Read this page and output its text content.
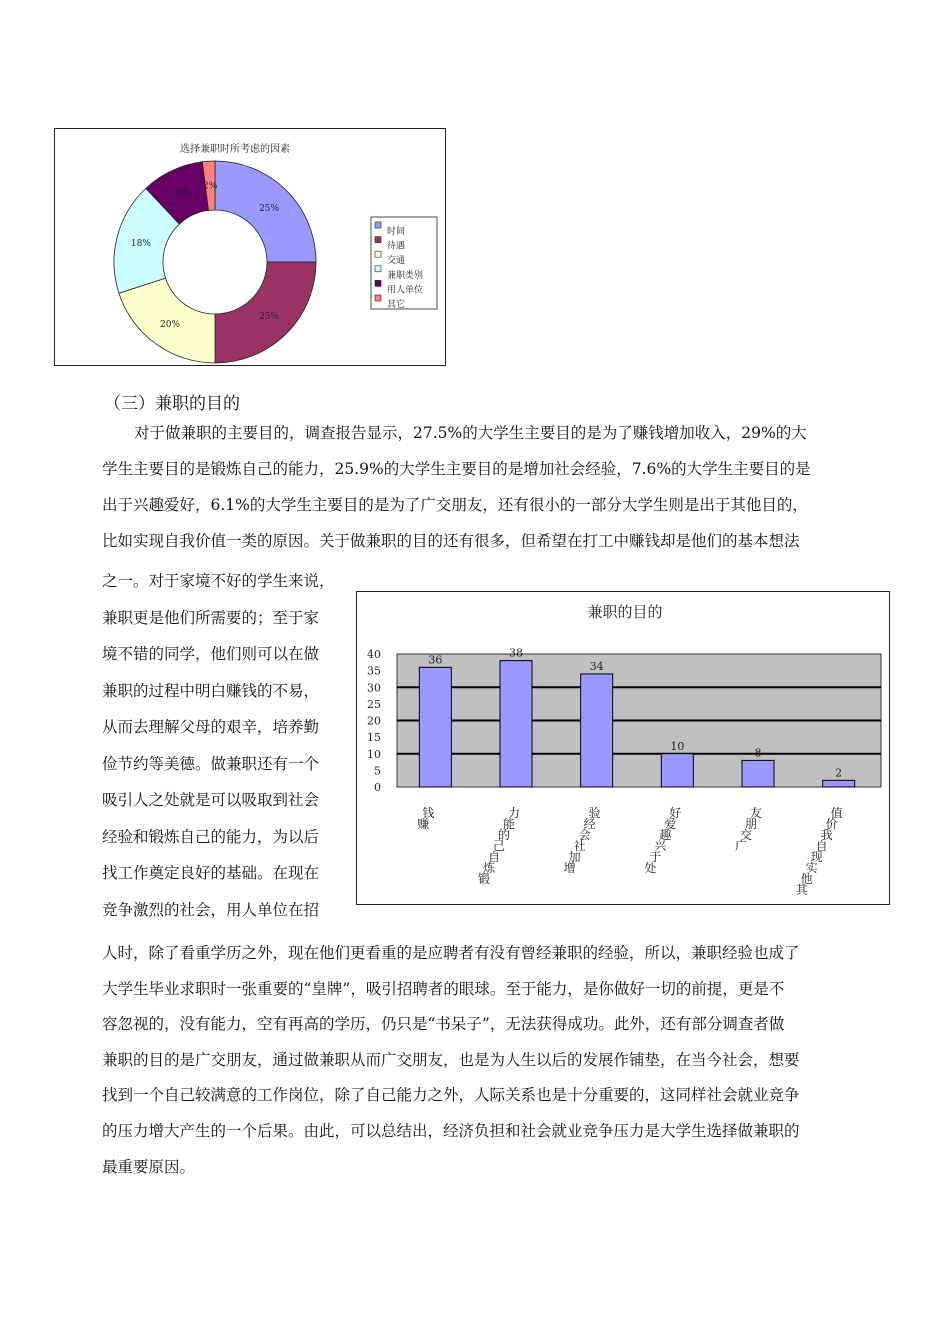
选择兼职时所考虑的因素
25%
25%
20%
18%
10%
2%
时间
待遇
交通
兼职类别
用人单位
其它
（三）兼职的目的
对于做兼职的主要目的，调查报告显示，27.5%的大学生主要目的是为了赚钱增加收入，29%的大
学生主要目的是锻炼自己的能力，25.9%的大学生主要目的是增加社会经验，7.6%的大学生主要目的是
出于兴趣爱好，6.1%的大学生主要目的是为了广交朋友，还有很小的一部分大学生则是出于其他目的，
比如实现自我价值一类的原因。关于做兼职的目的还有很多，但希望在打工中赚钱却是他们的基本想法
之一。对于家境不好的学生来说，
兼职更是他们所需要的；至于家
境不错的同学，他们则可以在做
兼职的过程中明白赚钱的不易，
从而去理解父母的艰辛，培养勤
俭节约等美德。做兼职还有一个
吸引人之处就是可以吸取到社会
经验和锻炼自己的能力，为以后
找工作奠定良好的基础。在现在
竞争激烈的社会，用人单位在招
兼职的目的
0
5
10
15
20
25
30
35
40	36
38
34
10
8
2
赚钱
锻炼自己的能力
增加社会经验
处于兴趣爱好
广交朋友
其他实现自我价值
人时，除了看重学历之外，现在他们更看重的是应聘者有没有曾经兼职的经验，所以，兼职经验也成了
大学生毕业求职时一张重要的“皇牌”，吸引招聘者的眼球。至于能力，是你做好一切的前提，更是不
容忽视的，没有能力，空有再高的学历，仍只是“书呆子”，无法获得成功。此外，还有部分调查者做
兼职的目的是广交朋友，通过做兼职从而广交朋友，也是为人生以后的发展作铺垫，在当今社会，想要
找到一个自己较满意的工作岗位，除了自己能力之外，人际关系也是十分重要的，这同样社会就业竞争
的压力增大产生的一个后果。由此，可以总结出，经济负担和社会就业竞争压力是大学生选择做兼职的
最重要原因。
